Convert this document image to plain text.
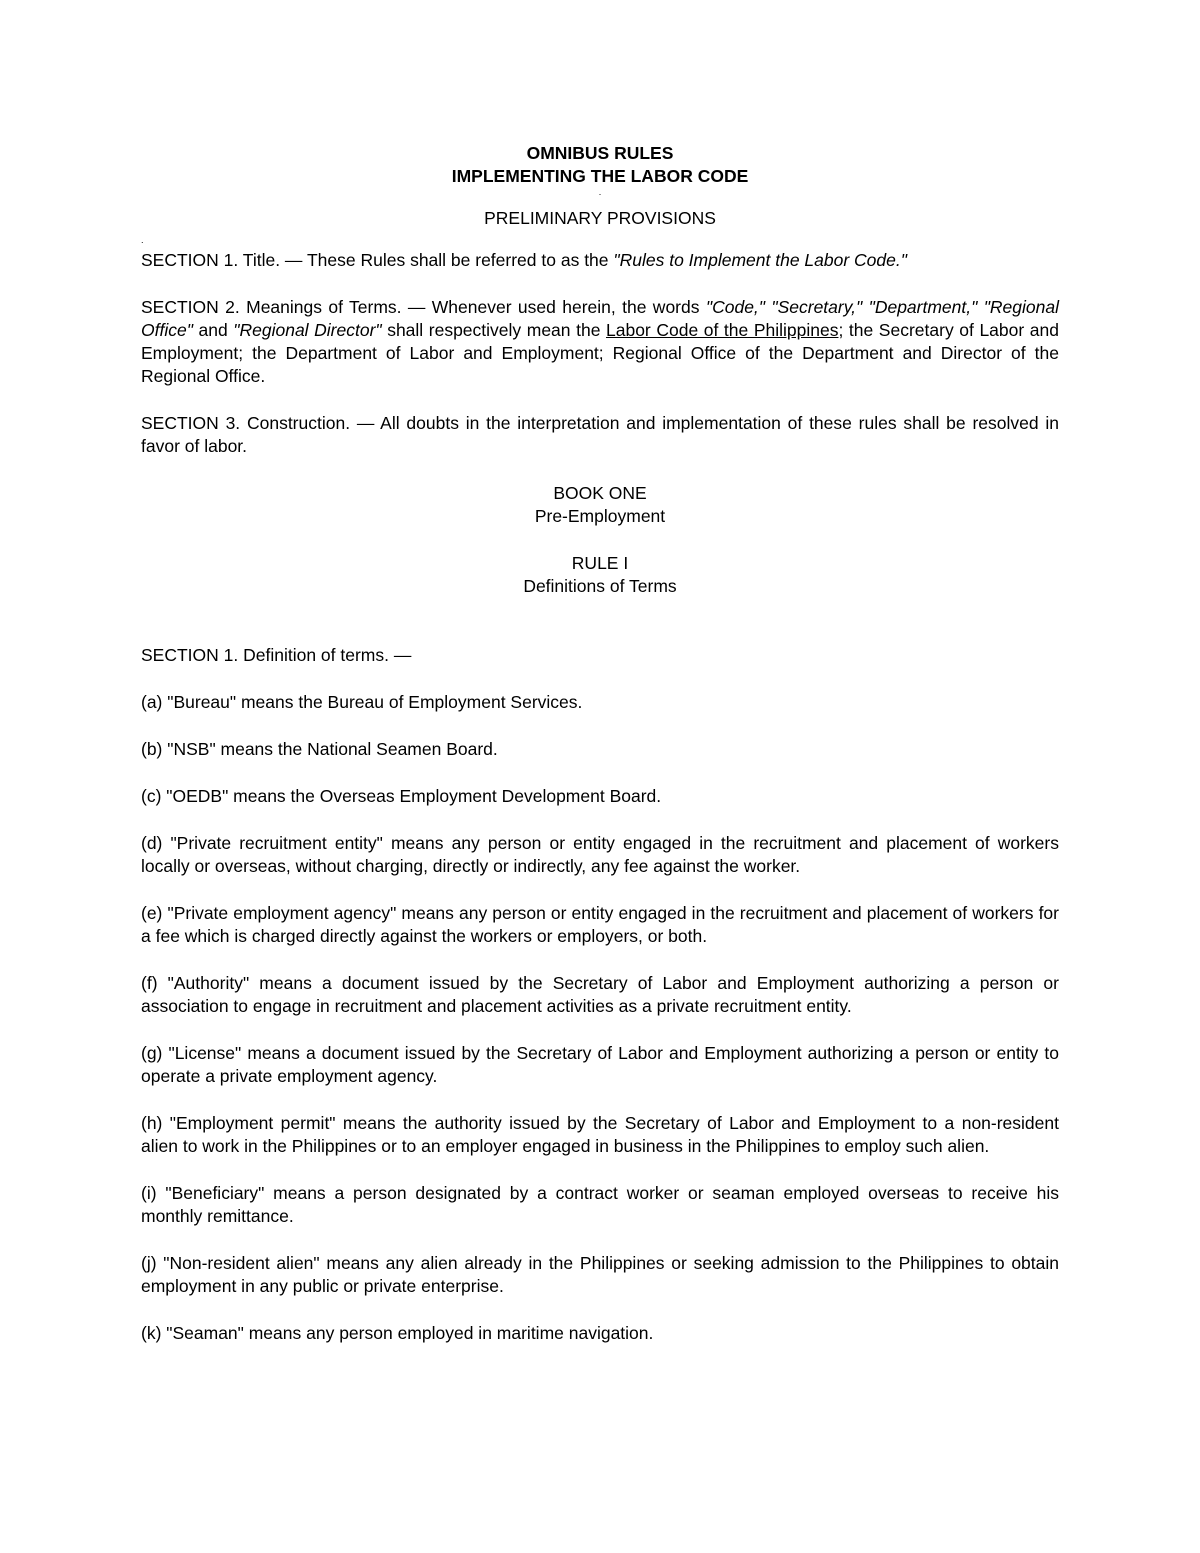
OMNIBUS RULES

IMPLEMENTING THE LABOR CODE

.

PRELIMINARY PROVISIONS

.

SECTION 1. Title. — These Rules shall be referred to as the "Rules to Implement the Labor Code."

SECTION 2. Meanings of Terms. — Whenever used herein, the words "Code," "Secretary," "Department," "Regional Office" and "Regional Director" shall respectively mean the Labor Code of the Philippines; the Secretary of Labor and Employment; the Department of Labor and Employment; Regional Office of the Department and Director of the Regional Office.

SECTION 3. Construction. — All doubts in the interpretation and implementation of these rules shall be resolved in favor of labor.

BOOK ONE

Pre-Employment

RULE I

Definitions of Terms

SECTION 1. Definition of terms. —

(a) "Bureau" means the Bureau of Employment Services.

(b) "NSB" means the National Seamen Board.

(c) "OEDB" means the Overseas Employment Development Board.

(d) "Private recruitment entity" means any person or entity engaged in the recruitment and placement of workers locally or overseas, without charging, directly or indirectly, any fee against the worker.

(e) "Private employment agency" means any person or entity engaged in the recruitment and placement of workers for a fee which is charged directly against the workers or employers, or both.

(f) "Authority" means a document issued by the Secretary of Labor and Employment authorizing a person or association to engage in recruitment and placement activities as a private recruitment entity.

(g) "License" means a document issued by the Secretary of Labor and Employment authorizing a person or entity to operate a private employment agency.

(h) "Employment permit" means the authority issued by the Secretary of Labor and Employment to a non-resident alien to work in the Philippines or to an employer engaged in business in the Philippines to employ such alien.

(i) "Beneficiary" means a person designated by a contract worker or seaman employed overseas to receive his monthly remittance.

(j) "Non-resident alien" means any alien already in the Philippines or seeking admission to the Philippines to obtain employment in any public or private enterprise.

(k) "Seaman" means any person employed in maritime navigation.
